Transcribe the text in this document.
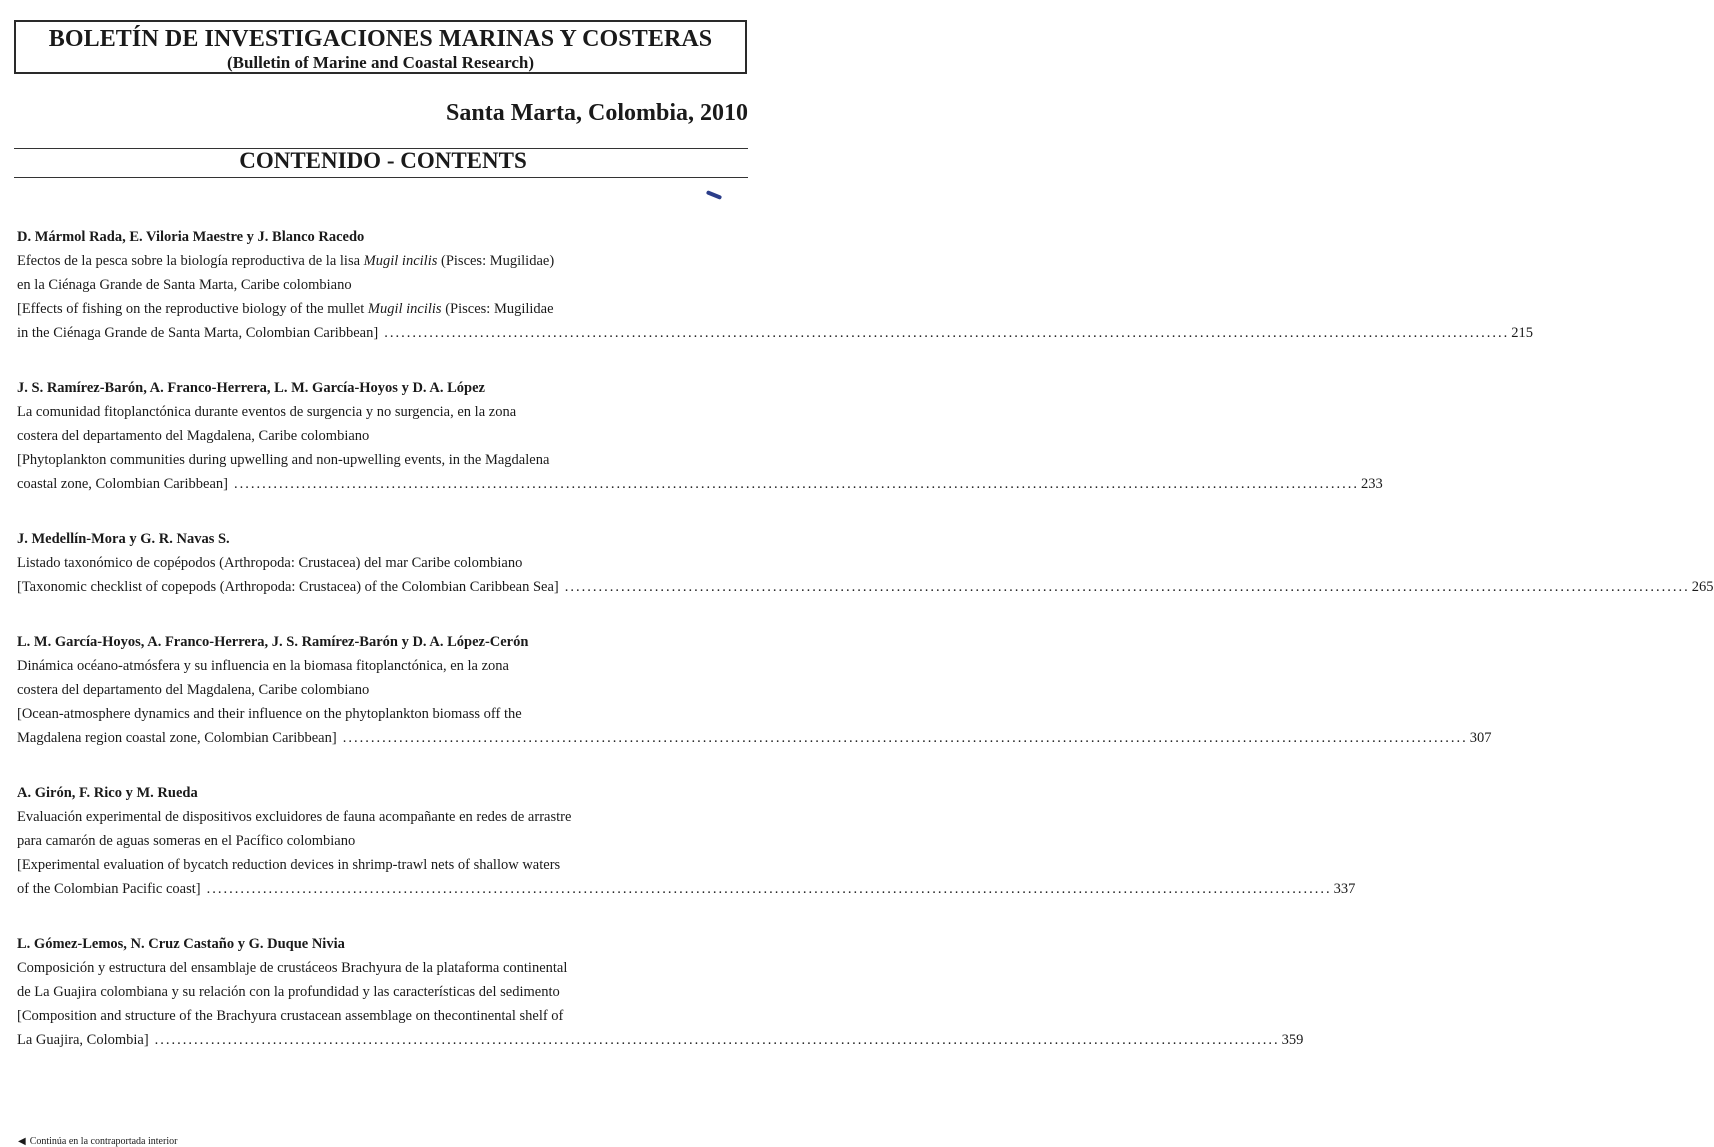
BOLETÍN DE INVESTIGACIONES MARINAS Y COSTERAS
(Bulletin of Marine and Coastal Research)
Santa Marta, Colombia, 2010
CONTENIDO - CONTENTS
D. Mármol Rada, E. Viloria Maestre y J. Blanco Racedo
Efectos de la pesca sobre la biología reproductiva de la lisa Mugil incilis (Pisces: Mugilidae)
en la Ciénaga Grande de Santa Marta, Caribe colombiano
[Effects of fishing on the reproductive biology of the mullet Mugil incilis (Pisces: Mugilidae
in the Ciénaga Grande de Santa Marta, Colombian Caribbean] ........................................................................................................................................................................................................ 215
J. S. Ramírez-Barón, A. Franco-Herrera, L. M. García-Hoyos y D. A. López
La comunidad fitoplanctónica durante eventos de surgencia y no surgencia, en la zona
costera del departamento del Magdalena, Caribe colombiano
[Phytoplankton communities during upwelling and non-upwelling events, in the Magdalena
coastal zone, Colombian Caribbean] ........................................................................................................................................................................................................ 233
J. Medellín-Mora y G. R. Navas S.
Listado taxonómico de copépodos (Arthropoda: Crustacea) del mar Caribe colombiano
[Taxonomic checklist of copepods (Arthropoda: Crustacea) of the Colombian Caribbean Sea] ........................................................................................................................................................................................................ 265
L. M. García-Hoyos, A. Franco-Herrera, J. S. Ramírez-Barón y D. A. López-Cerón
Dinámica océano-atmósfera y su influencia en la biomasa fitoplanctónica, en la zona
costera del departamento del Magdalena, Caribe colombiano
[Ocean-atmosphere dynamics and their influence on the phytoplankton biomass off the
Magdalena region coastal zone, Colombian Caribbean] ........................................................................................................................................................................................................ 307
A. Girón, F. Rico y M. Rueda
Evaluación experimental de dispositivos excluidores de fauna acompañante en redes de arrastre
para camarón de aguas someras en el Pacífico colombiano
[Experimental evaluation of bycatch reduction devices in shrimp-trawl nets of shallow waters
of the Colombian Pacific coast] ........................................................................................................................................................................................................ 337
L. Gómez-Lemos, N. Cruz Castaño y G. Duque Nivia
Composición y estructura del ensamblaje de crustáceos Brachyura de la plataforma continental
de La Guajira colombiana y su relación con la profundidad y las características del sedimento
[Composition and structure of the Brachyura crustacean assemblage on thecontinental shelf of
La Guajira, Colombia] ........................................................................................................................................................................................................ 359
◀ Continúa en la contraportada interior
